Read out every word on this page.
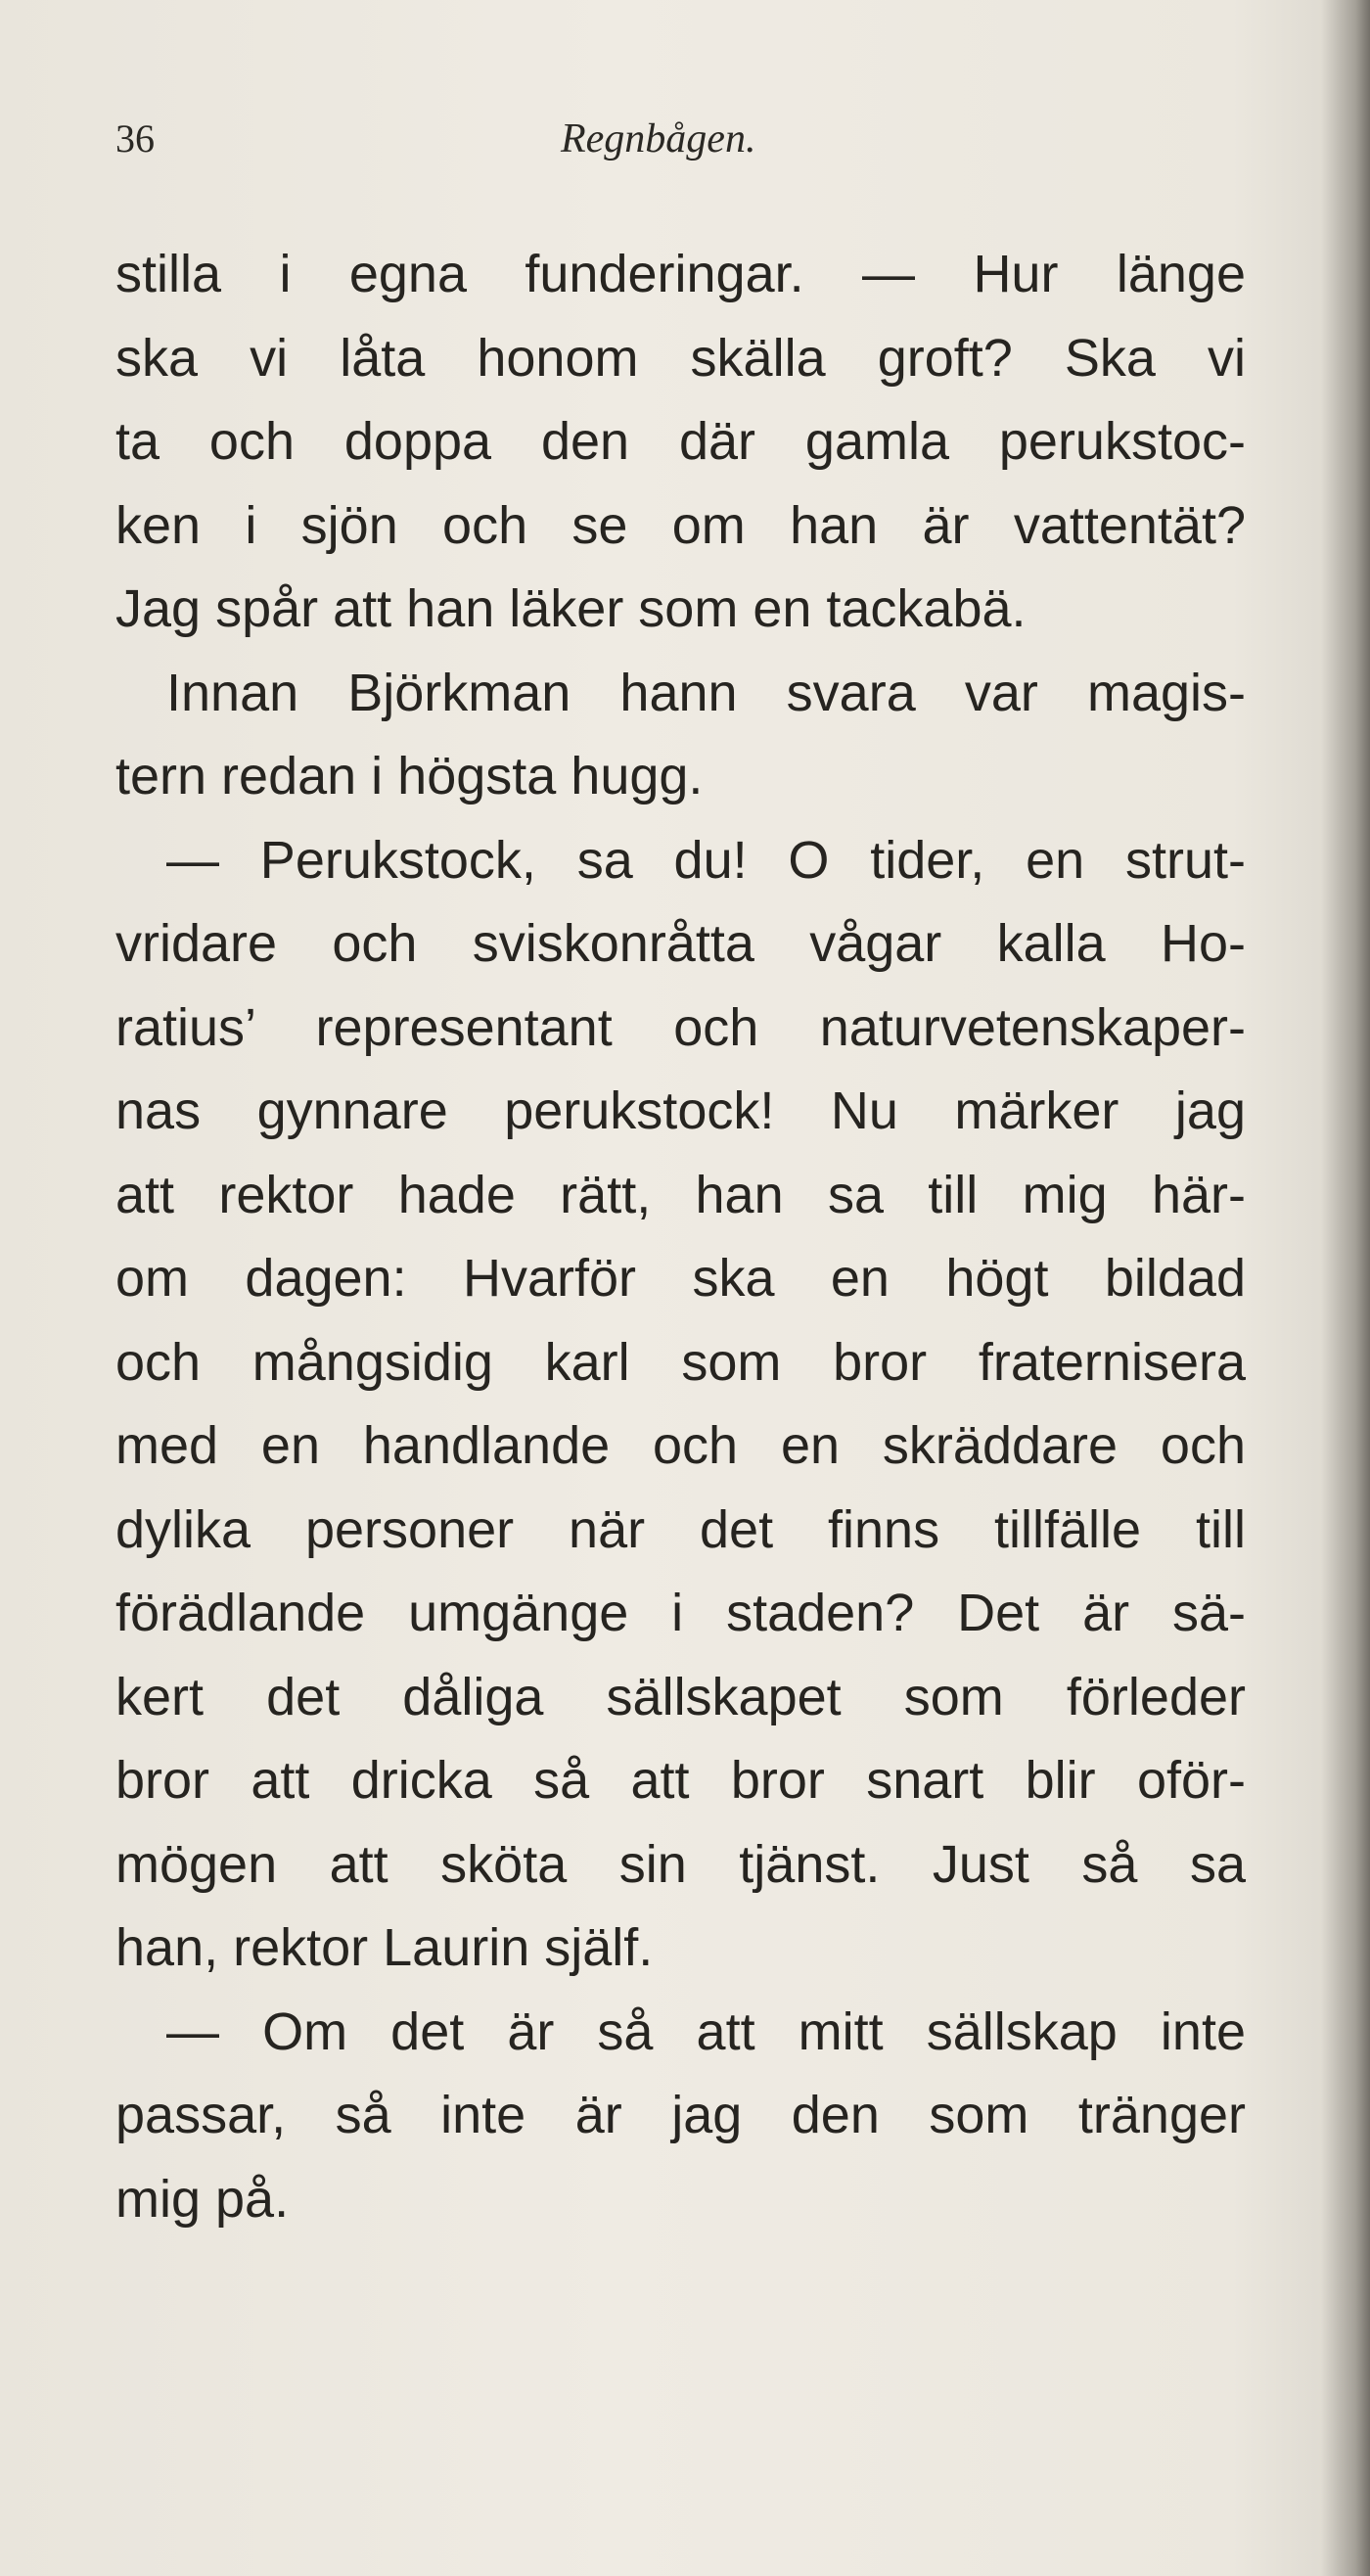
36	Regnbågen.
stilla i egna funderingar. — Hur länge
ska vi låta honom skälla groft? Ska vi
ta och doppa den där gamla perukstoc-
ken i sjön och se om han är vattentät?
Jag spår att han läker som en tackabä.
Innan Björkman hann svara var magis-
tern redan i högsta hugg.
— Perukstock, sa du! O tider, en strut-
vridare och sviskonråtta vågar kalla Ho-
ratius’ representant och naturvetenskaper-
nas gynnare perukstock! Nu märker jag
att rektor hade rätt, han sa till mig här-
om dagen: Hvarför ska en högt bildad
och mångsidig karl som bror fraternisera
med en handlande och en skräddare och
dylika personer när det finns tillfälle till
förädlande umgänge i staden? Det är sä-
kert det dåliga sällskapet som förleder
bror att dricka så att bror snart blir oför-
mögen att sköta sin tjänst. Just så sa
han, rektor Laurin själf.
— Om det är så att mitt sällskap inte
passar, så inte är jag den som tränger
mig på.
